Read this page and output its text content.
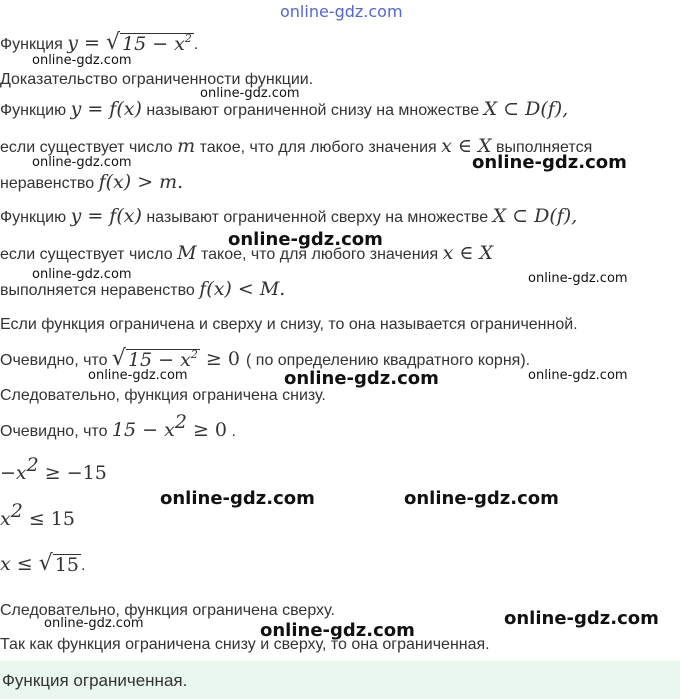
online-gdz.com
Функция y = √ $15 - x^2$ .
Доказательство ограниченности функции.
Функцию y = f(x) называют ограниченной снизу на множестве X ⊂ D(f),
если существует число m такое, что для любого значения x ∈ X выполняется
неравенство f(x) > m.
Функцию y = f(x) называют ограниченной сверху на множестве X ⊂ D(f),
если существует число M такое, что для любого значения x ∈ X
выполняется неравенство f(x) < M.
Если функция ограничена и сверху и снизу, то она называется ограниченной.
Очевидно, что √ $15 - x^2 \ge 0$ ( по определению квадратного корня).
Следовательно, функция ограничена снизу.
Очевидно, что $15 - x^2 \ge 0$ .
$-x^2 \ge -15$
$x^2 \le 15$
x ≤ √ 15 .
Следовательно, функция ограничена сверху.
Так как функция ограничена снизу и сверху, то она ограниченная.
Функция ограниченная.
online-gdz.com
online-gdz.com
online-gdz.com	online-gdz.com
online-gdz.com
online-gdz.com	online-gdz.com
online-gdz.com	online-gdz.com	online-gdz.com
online-gdz.com	online-gdz.com
online-gdz.com
online-gdz.com	online-gdz.com
